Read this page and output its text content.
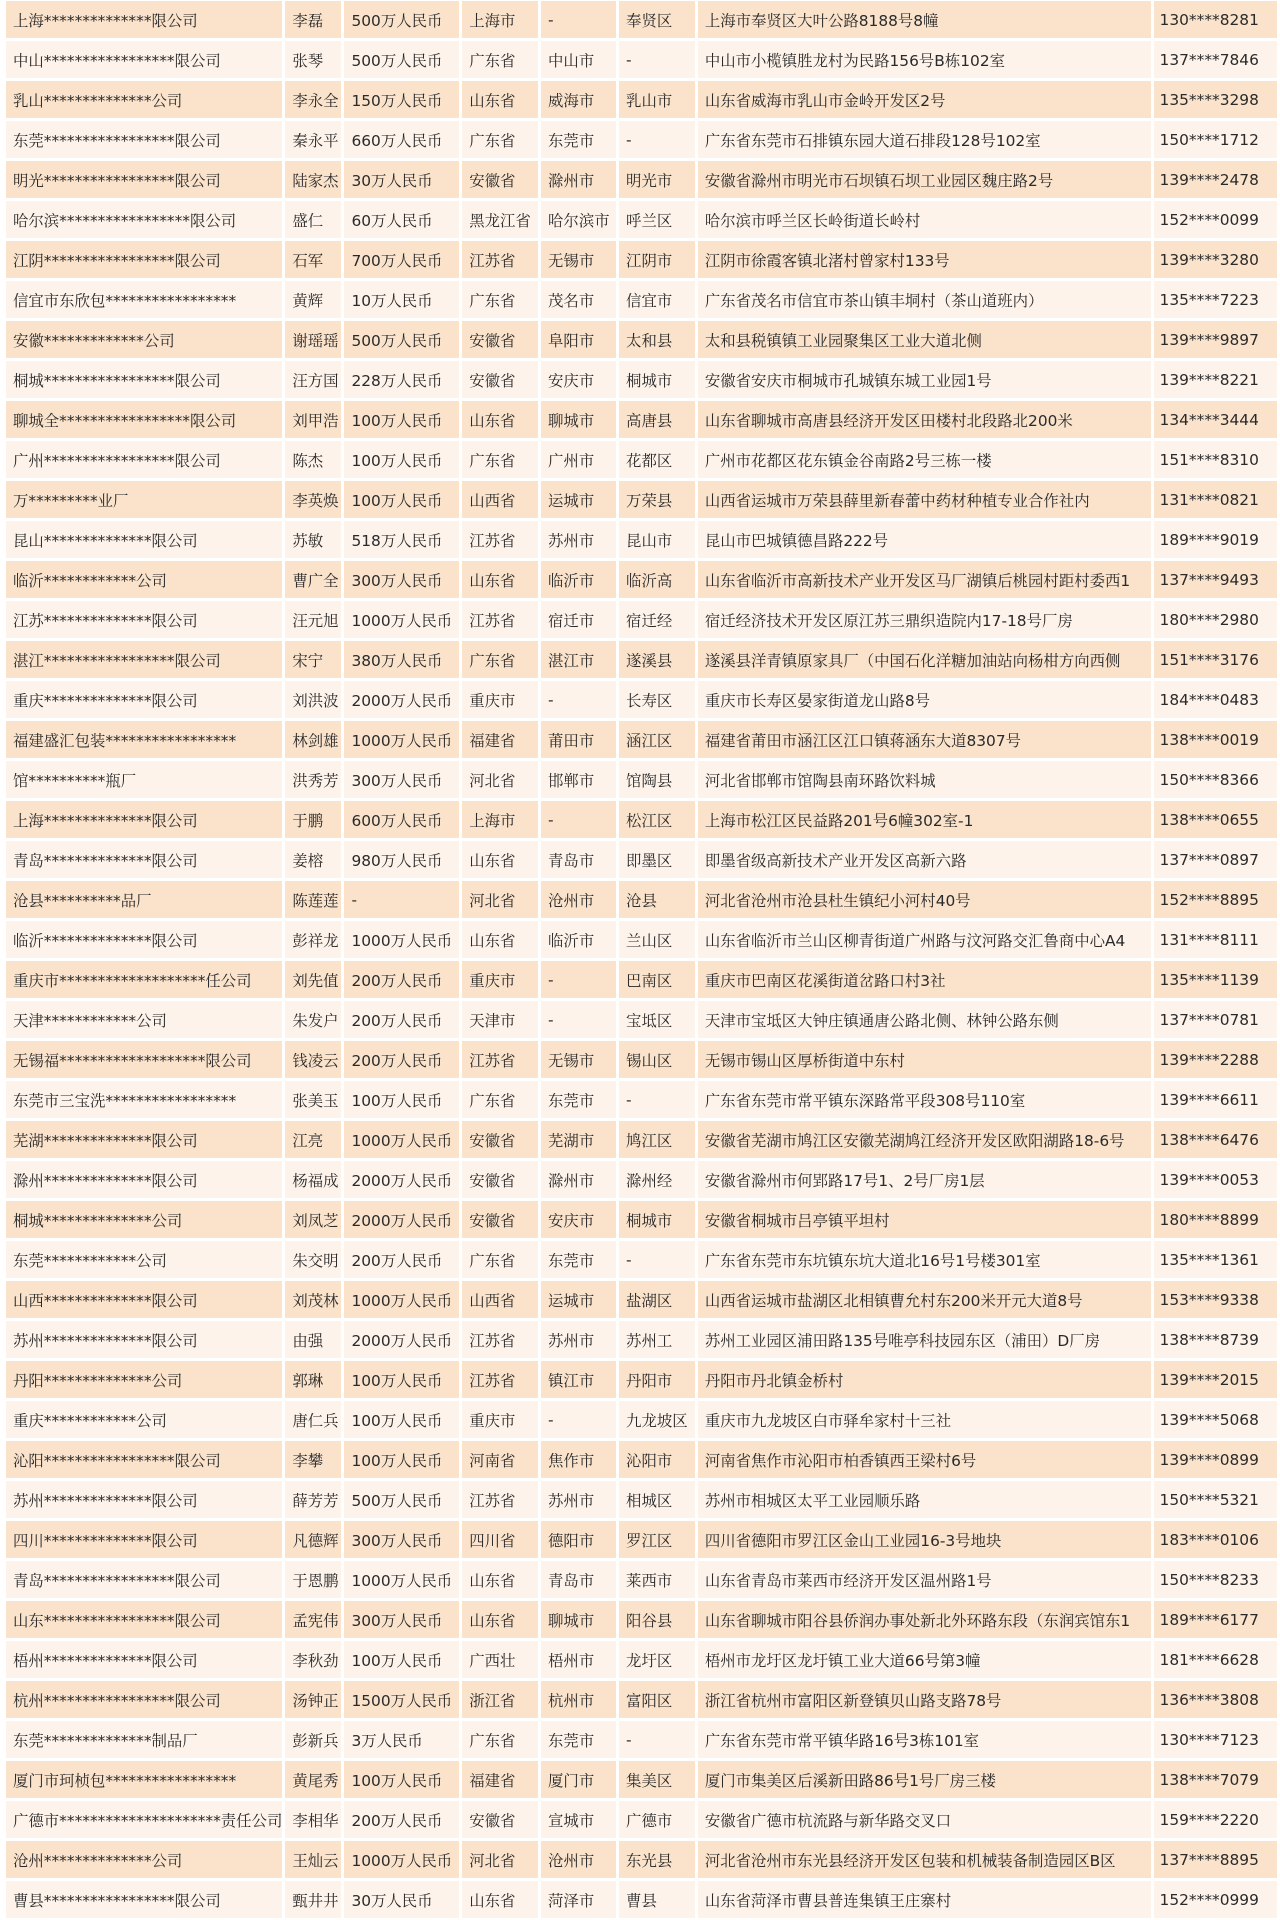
上海**************限公司	李磊	500万人民币	上海市	-	奉贤区	上海市奉贤区大叶公路8188号8幢	130****8281
中山*****************限公司	张琴	500万人民币	广东省	中山市	-	中山市小榄镇胜龙村为民路156号B栋102室	137****7846
乳山**************公司	李永全	150万人民币	山东省	威海市	乳山市	山东省威海市乳山市金岭开发区2号	135****3298
东莞*****************限公司	秦永平	660万人民币	广东省	东莞市	-	广东省东莞市石排镇东园大道石排段128号102室	150****1712
明光*****************限公司	陆家杰	30万人民币	安徽省	滁州市	明光市	安徽省滁州市明光市石坝镇石坝工业园区魏庄路2号	139****2478
哈尔滨*****************限公司	盛仁	60万人民币	黑龙江省	哈尔滨市	呼兰区	哈尔滨市呼兰区长岭街道长岭村	152****0099
江阴*****************限公司	石军	700万人民币	江苏省	无锡市	江阴市	江阴市徐霞客镇北渚村曾家村133号	139****3280
信宜市东欣包*****************	黄辉	10万人民币	广东省	茂名市	信宜市	广东省茂名市信宜市茶山镇丰垌村（茶山道班内）	135****7223
安徽*************公司	谢瑶瑶	500万人民币	安徽省	阜阳市	太和县	太和县税镇镇工业园聚集区工业大道北侧	139****9897
桐城*****************限公司	汪方国	228万人民币	安徽省	安庆市	桐城市	安徽省安庆市桐城市孔城镇东城工业园1号	139****8221
聊城全*****************限公司	刘甲浩	100万人民币	山东省	聊城市	高唐县	山东省聊城市高唐县经济开发区田楼村北段路北200米	134****3444
广州*****************限公司	陈杰	100万人民币	广东省	广州市	花都区	广州市花都区花东镇金谷南路2号三栋一楼	151****8310
万*********业厂	李英焕	100万人民币	山西省	运城市	万荣县	山西省运城市万荣县薛里新春蕾中药材种植专业合作社内	131****0821
昆山**************限公司	苏敏	518万人民币	江苏省	苏州市	昆山市	昆山市巴城镇德昌路222号	189****9019
临沂************公司	曹广全	300万人民币	山东省	临沂市	临沂高	山东省临沂市高新技术产业开发区马厂湖镇后桃园村距村委西1	137****9493
江苏**************限公司	汪元旭	1000万人民币	江苏省	宿迁市	宿迁经	宿迁经济技术开发区原江苏三鼎织造院内17-18号厂房	180****2980
湛江*****************限公司	宋宁	380万人民币	广东省	湛江市	遂溪县	遂溪县洋青镇原家具厂（中国石化洋糖加油站向杨柑方向西侧	151****3176
重庆**************限公司	刘洪波	2000万人民币	重庆市	-	长寿区	重庆市长寿区晏家街道龙山路8号	184****0483
福建盛汇包装*****************	林剑雄	1000万人民币	福建省	莆田市	涵江区	福建省莆田市涵江区江口镇蒋涵东大道8307号	138****0019
馆**********瓶厂	洪秀芳	300万人民币	河北省	邯郸市	馆陶县	河北省邯郸市馆陶县南环路饮料城	150****8366
上海**************限公司	于鹏	600万人民币	上海市	-	松江区	上海市松江区民益路201号6幢302室-1	138****0655
青岛**************限公司	姜榕	980万人民币	山东省	青岛市	即墨区	即墨省级高新技术产业开发区高新六路	137****0897
沧县**********品厂	陈莲莲	-	河北省	沧州市	沧县	河北省沧州市沧县杜生镇纪小河村40号	152****8895
临沂**************限公司	彭祥龙	1000万人民币	山东省	临沂市	兰山区	山东省临沂市兰山区柳青街道广州路与汶河路交汇鲁商中心A4	131****8111
重庆市*******************任公司	刘先值	200万人民币	重庆市	-	巴南区	重庆市巴南区花溪街道岔路口村3社	135****1139
天津************公司	朱发户	200万人民币	天津市	-	宝坻区	天津市宝坻区大钟庄镇通唐公路北侧、林钟公路东侧	137****0781
无锡福*******************限公司	钱凌云	200万人民币	江苏省	无锡市	锡山区	无锡市锡山区厚桥街道中东村	139****2288
东莞市三宝洗*****************	张美玉	100万人民币	广东省	东莞市	-	广东省东莞市常平镇东深路常平段308号110室	139****6611
芜湖**************限公司	江亮	1000万人民币	安徽省	芜湖市	鸠江区	安徽省芜湖市鸠江区安徽芜湖鸠江经济开发区欧阳湖路18-6号	138****6476
滁州**************限公司	杨福成	2000万人民币	安徽省	滁州市	滁州经	安徽省滁州市何郢路17号1、2号厂房1层	139****0053
桐城**************公司	刘凤芝	2000万人民币	安徽省	安庆市	桐城市	安徽省桐城市吕亭镇平坦村	180****8899
东莞************公司	朱交明	200万人民币	广东省	东莞市	-	广东省东莞市东坑镇东坑大道北16号1号楼301室	135****1361
山西**************限公司	刘茂林	1000万人民币	山西省	运城市	盐湖区	山西省运城市盐湖区北相镇曹允村东200米开元大道8号	153****9338
苏州**************限公司	由强	2000万人民币	江苏省	苏州市	苏州工	苏州工业园区浦田路135号唯亭科技园东区（浦田）D厂房	138****8739
丹阳**************公司	郭琳	100万人民币	江苏省	镇江市	丹阳市	丹阳市丹北镇金桥村	139****2015
重庆************公司	唐仁兵	100万人民币	重庆市	-	九龙坡区	重庆市九龙坡区白市驿牟家村十三社	139****5068
沁阳*****************限公司	李攀	100万人民币	河南省	焦作市	沁阳市	河南省焦作市沁阳市柏香镇西王梁村6号	139****0899
苏州**************限公司	薛芳芳	500万人民币	江苏省	苏州市	相城区	苏州市相城区太平工业园顺乐路	150****5321
四川**************限公司	凡德辉	300万人民币	四川省	德阳市	罗江区	四川省德阳市罗江区金山工业园16-3号地块	183****0106
青岛*****************限公司	于恩鹏	1000万人民币	山东省	青岛市	莱西市	山东省青岛市莱西市经济开发区温州路1号	150****8233
山东*****************限公司	孟宪伟	300万人民币	山东省	聊城市	阳谷县	山东省聊城市阳谷县侨润办事处新北外环路东段（东润宾馆东1	189****6177
梧州**************限公司	李秋劲	100万人民币	广西壮	梧州市	龙圩区	梧州市龙圩区龙圩镇工业大道66号第3幢	181****6628
杭州*****************限公司	汤钟正	1500万人民币	浙江省	杭州市	富阳区	浙江省杭州市富阳区新登镇贝山路支路78号	136****3808
东莞**************制品厂	彭新兵	3万人民币	广东省	东莞市	-	广东省东莞市常平镇华路16号3栋101室	130****7123
厦门市珂桢包*****************	黄尾秀	100万人民币	福建省	厦门市	集美区	厦门市集美区后溪新田路86号1号厂房三楼	138****7079
广德市*********************责任公司	李相华	200万人民币	安徽省	宣城市	广德市	安徽省广德市杭流路与新华路交叉口	159****2220
沧州**************公司	王灿云	1000万人民币	河北省	沧州市	东光县	河北省沧州市东光县经济开发区包装和机械装备制造园区B区	137****8895
曹县*****************限公司	甄井井	30万人民币	山东省	菏泽市	曹县	山东省菏泽市曹县普连集镇王庄寨村	152****0999
